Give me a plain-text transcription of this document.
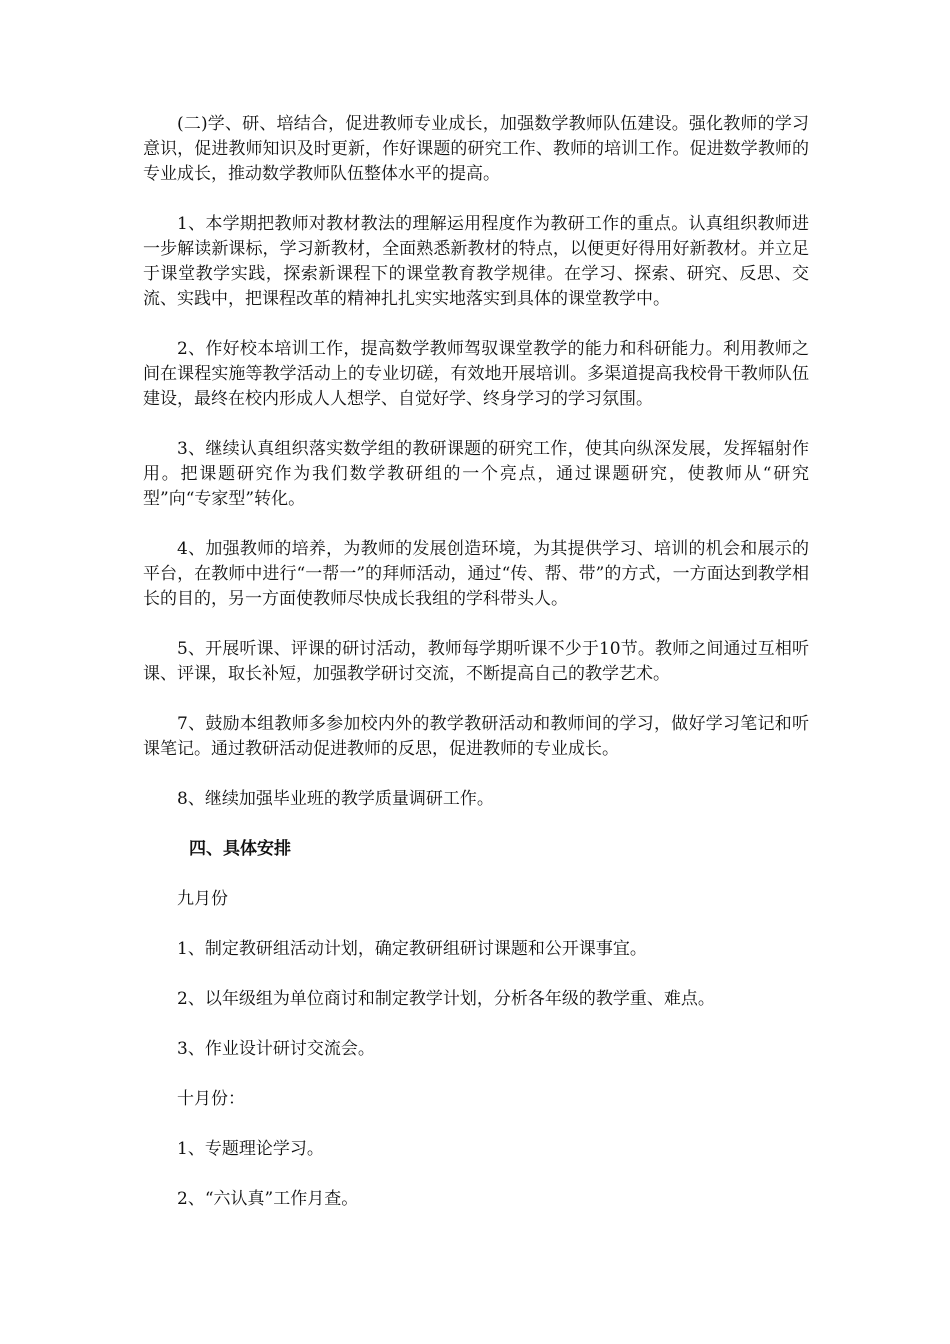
(二)学、研、培结合，促进教师专业成长，加强数学教师队伍建设。强化教师的学习意识，促进教师知识及时更新，作好课题的研究工作、教师的培训工作。促进数学教师的专业成长，推动数学教师队伍整体水平的提高。

1、本学期把教师对教材教法的理解运用程度作为教研工作的重点。认真组织教师进一步解读新课标，学习新教材，全面熟悉新教材的特点，以便更好得用好新教材。并立足于课堂教学实践，探索新课程下的课堂教育教学规律。在学习、探索、研究、反思、交流、实践中，把课程改革的精神扎扎实实地落实到具体的课堂教学中。

2、作好校本培训工作，提高数学教师驾驭课堂教学的能力和科研能力。利用教师之间在课程实施等教学活动上的专业切磋，有效地开展培训。多渠道提高我校骨干教师队伍建设，最终在校内形成人人想学、自觉好学、终身学习的学习氛围。

3、继续认真组织落实数学组的教研课题的研究工作，使其向纵深发展，发挥辐射作用。把课题研究作为我们数学教研组的一个亮点，通过课题研究，使教师从“研究型”向“专家型”转化。

4、加强教师的培养，为教师的发展创造环境，为其提供学习、培训的机会和展示的平台，在教师中进行“一帮一”的拜师活动，通过“传、帮、带”的方式，一方面达到教学相长的目的，另一方面使教师尽快成长我组的学科带头人。

5、开展听课、评课的研讨活动，教师每学期听课不少于10节。教师之间通过互相听课、评课，取长补短，加强教学研讨交流，不断提高自己的教学艺术。

7、鼓励本组教师多参加校内外的教学教研活动和教师间的学习，做好学习笔记和听课笔记。通过教研活动促进教师的反思，促进教师的专业成长。

8、继续加强毕业班的教学质量调研工作。

四、具体安排

九月份

1、制定教研组活动计划，确定教研组研讨课题和公开课事宜。

2、以年级组为单位商讨和制定教学计划，分析各年级的教学重、难点。

3、作业设计研讨交流会。

十月份：

1、专题理论学习。

2、“六认真”工作月查。
